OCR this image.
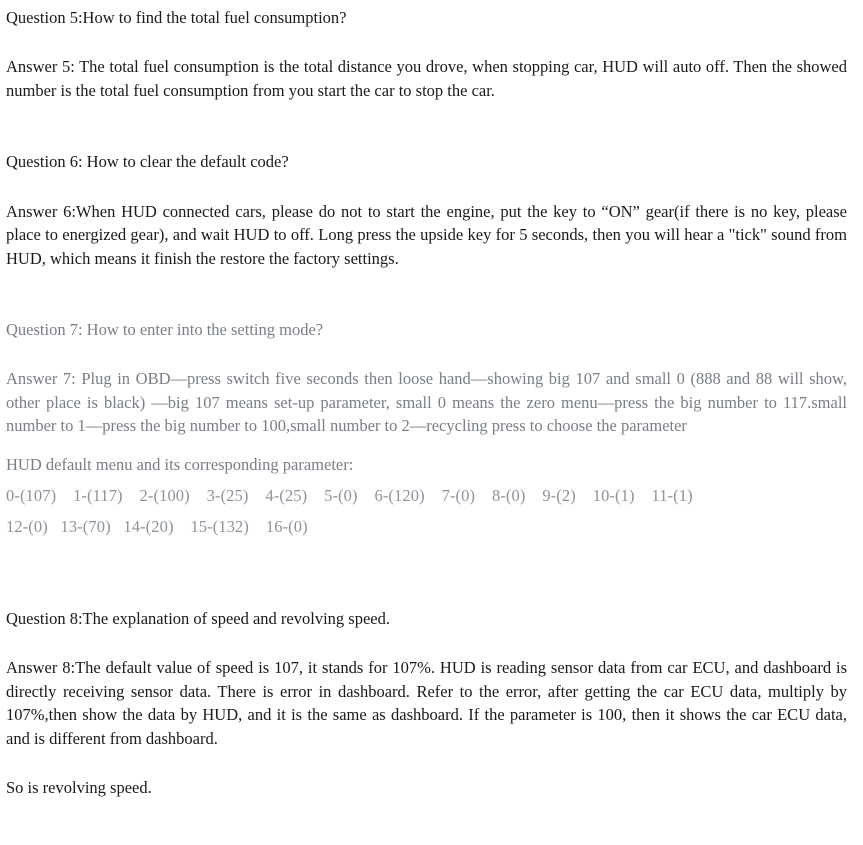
Question 5:How to find the total fuel consumption?

Answer 5: The total fuel consumption is the total distance you drove, when stopping car, HUD will auto off. Then the showed number is the total fuel consumption from you start the car to stop the car.

Question 6: How to clear the default code?

Answer 6:When HUD connected cars, please do not to start the engine, put the key to “ON” gear(if there is no key, please place to energized gear), and wait HUD to off. Long press the upside key for 5 seconds, then you will hear a "tick" sound from HUD, which means it finish the restore the factory settings.

Question 7: How to enter into the setting mode?

Answer 7: Plug in OBD—press switch five seconds then loose hand—showing big 107 and small 0 (888 and 88 will show, other place is black) —big 107 means set-up parameter, small 0 means the zero menu—press the big number to 117.small number to 1—press the big number to 100,small number to 2—recycling press to choose the parameter

HUD default menu and its corresponding parameter:

0-(107)    1-(117)    2-(100)    3-(25)    4-(25)    5-(0)    6-(120)    7-(0)    8-(0)    9-(2)    10-(1)    11-(1)

12-(0)   13-(70)   14-(20)    15-(132)    16-(0)

Question 8:The explanation of speed and revolving speed.

Answer 8:The default value of speed is 107, it stands for 107%. HUD is reading sensor data from car ECU, and dashboard is directly receiving sensor data. There is error in dashboard. Refer to the error, after getting the car ECU data, multiply by 107%,then show the data by HUD, and it is the same as dashboard. If the parameter is 100, then it shows the car ECU data, and is different from dashboard.

So is revolving speed.
